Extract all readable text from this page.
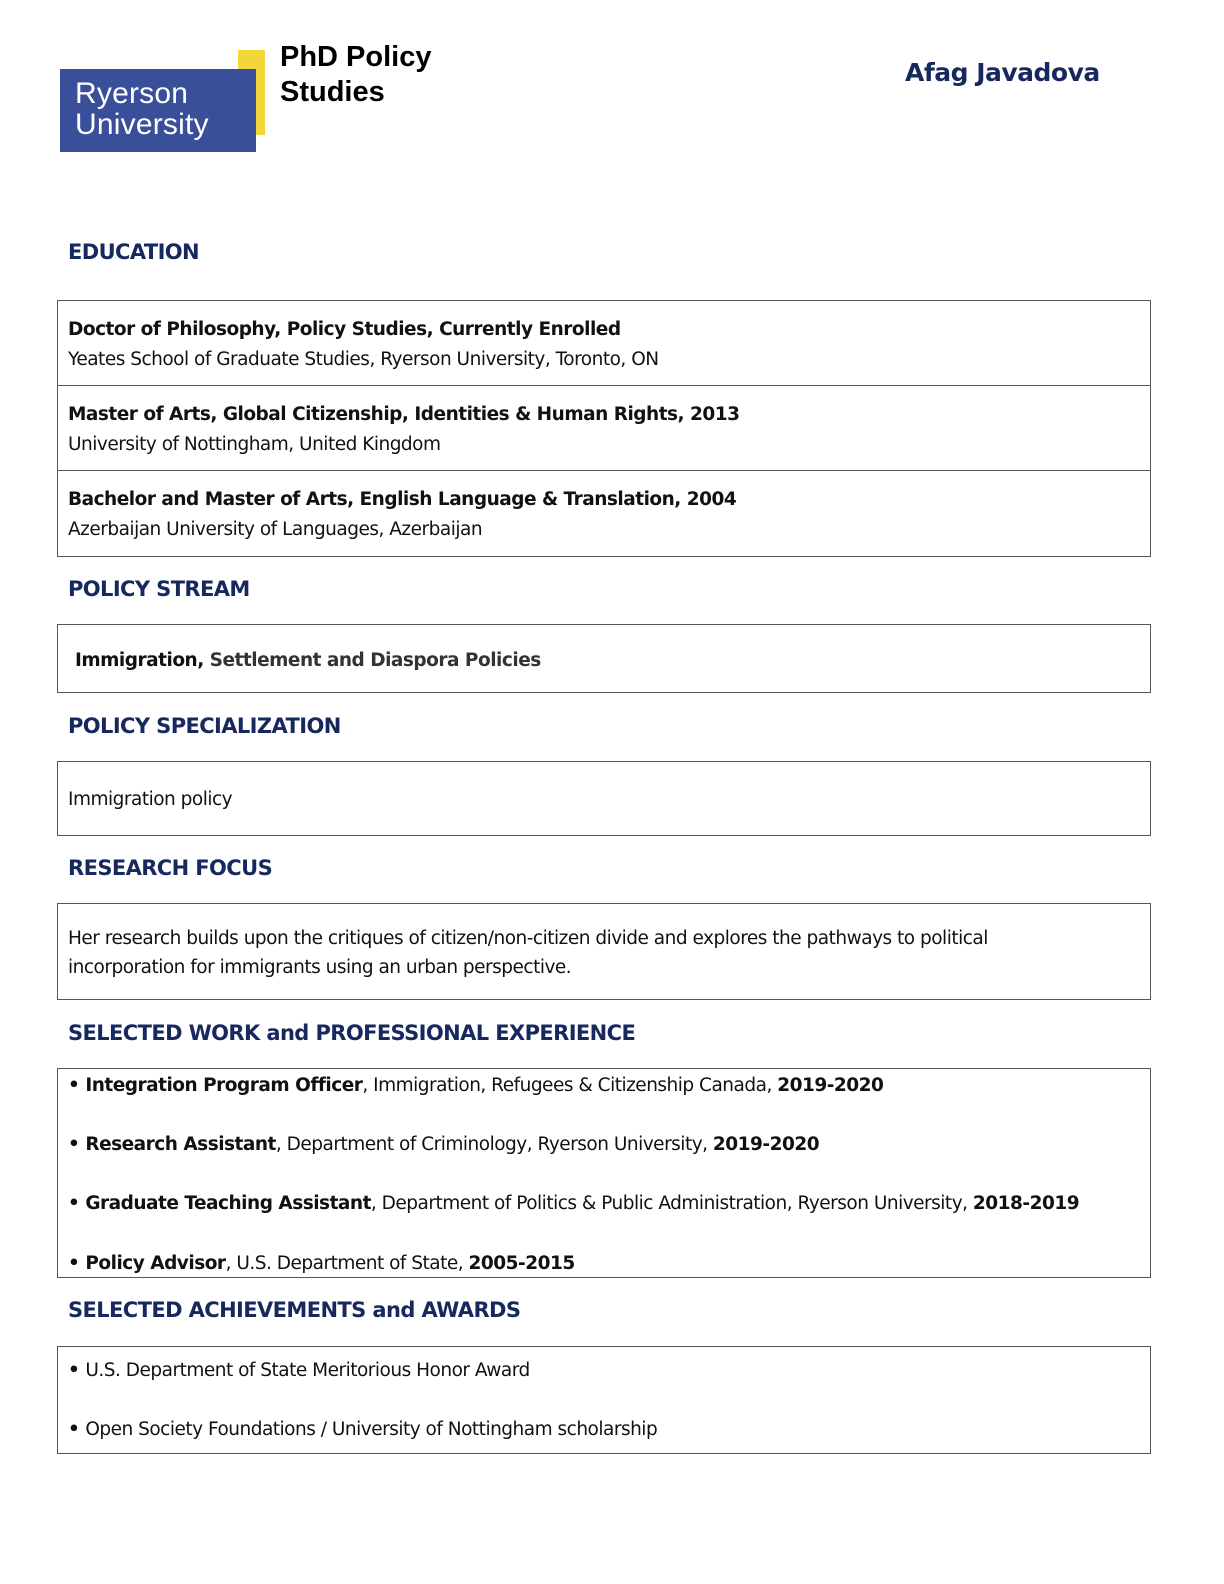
Ryerson
University
PhD Policy
Studies
Afag Javadova
EDUCATION
Doctor of Philosophy, Policy Studies, Currently Enrolled
Yeates School of Graduate Studies, Ryerson University, Toronto, ON
Master of Arts, Global Citizenship, Identities & Human Rights, 2013
University of Nottingham, United Kingdom
Bachelor and Master of Arts, English Language & Translation, 2004
Azerbaijan University of Languages, Azerbaijan
POLICY STREAM
Immigration, Settlement and Diaspora Policies
POLICY SPECIALIZATION
Immigration policy
RESEARCH FOCUS
Her research builds upon the critiques of citizen/non-citizen divide and explores the pathways to political
incorporation for immigrants using an urban perspective.
SELECTED WORK and PROFESSIONAL EXPERIENCE
• Integration Program Officer, Immigration, Refugees & Citizenship Canada, 2019-2020
• Research Assistant, Department of Criminology, Ryerson University, 2019-2020
• Graduate Teaching Assistant, Department of Politics & Public Administration, Ryerson University, 2018-2019
• Policy Advisor, U.S. Department of State, 2005-2015
SELECTED ACHIEVEMENTS and AWARDS
• U.S. Department of State Meritorious Honor Award
• Open Society Foundations / University of Nottingham scholarship
